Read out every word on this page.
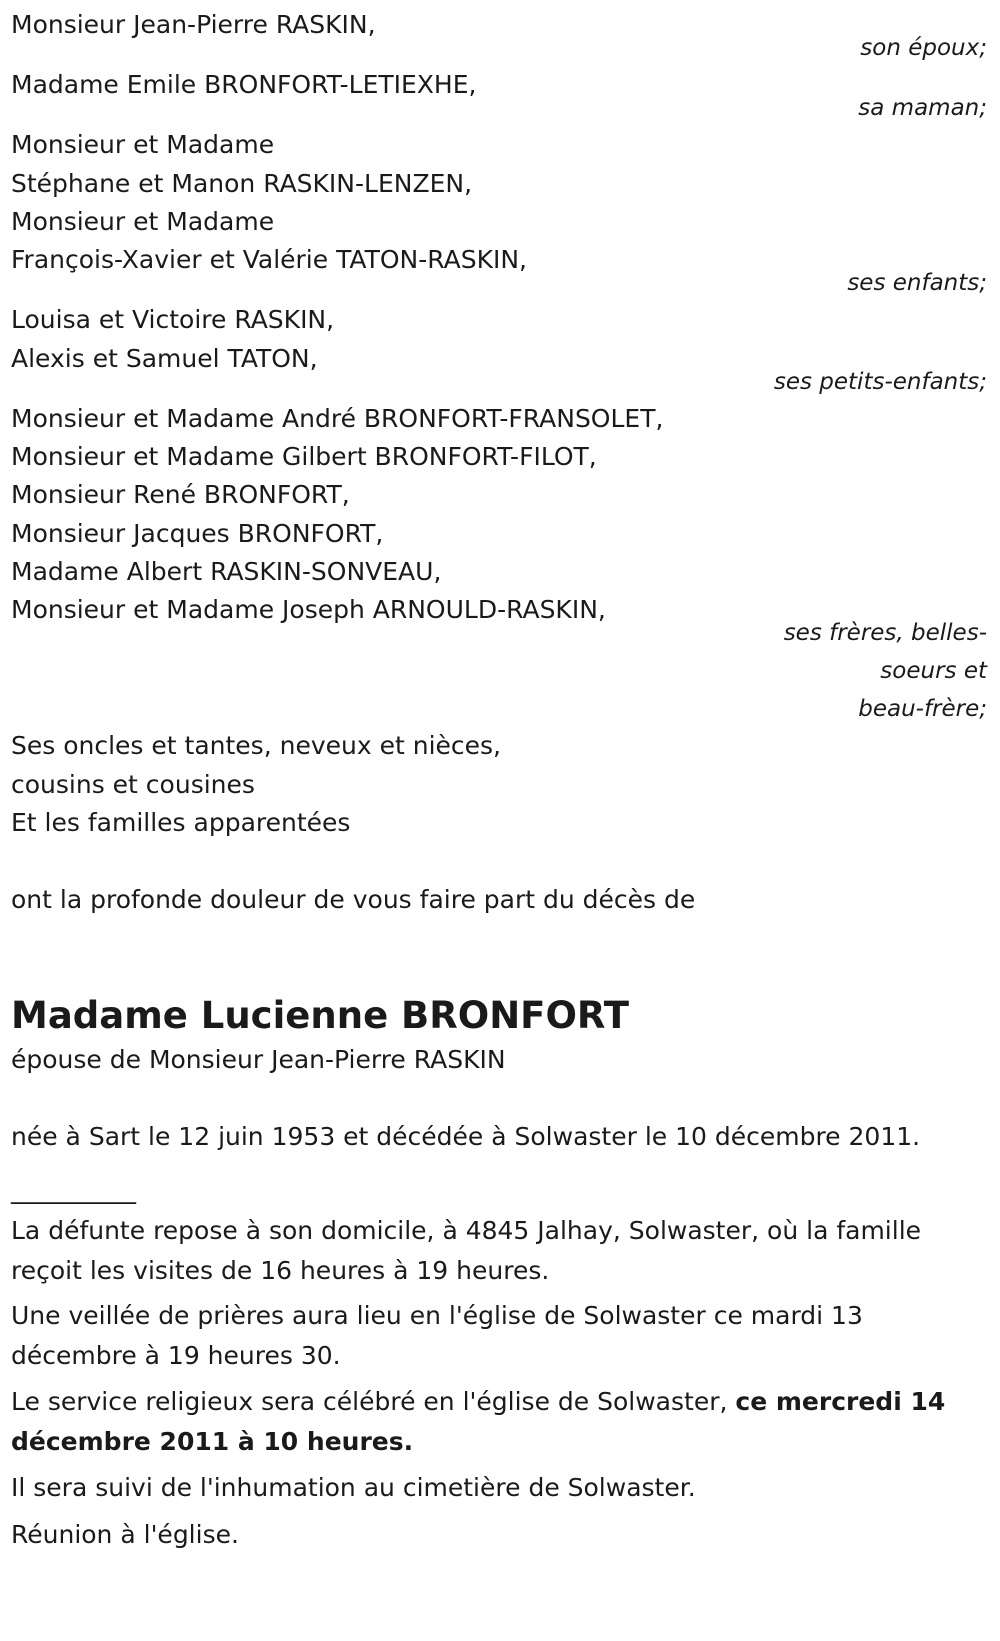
Monsieur Jean-Pierre RASKIN,
son époux;
Madame Emile BRONFORT-LETIEXHE,
sa maman;
Monsieur et Madame
Stéphane et Manon RASKIN-LENZEN,
Monsieur et Madame
François-Xavier et Valérie TATON-RASKIN,
ses enfants;
Louisa et Victoire RASKIN,
Alexis et Samuel TATON,
ses petits-enfants;
Monsieur et Madame André BRONFORT-FRANSOLET,
Monsieur et Madame Gilbert BRONFORT-FILOT,
Monsieur René BRONFORT,
Monsieur Jacques BRONFORT,
Madame Albert RASKIN-SONVEAU,
Monsieur et Madame Joseph ARNOULD-RASKIN,
ses frères, belles-
soeurs et
beau-frère;
Ses oncles et tantes, neveux et nièces,
cousins et cousines
Et les familles apparentées
ont la profonde douleur de vous faire part du décès de
Madame Lucienne BRONFORT
épouse de Monsieur Jean-Pierre RASKIN
née à Sart le 12 juin 1953 et décédée à Solwaster le 10 décembre 2011.
__________
La défunte repose à son domicile, à 4845 Jalhay, Solwaster, où la famille reçoit les visites de 16 heures à 19 heures.
Une veillée de prières aura lieu en l'église de Solwaster ce mardi 13 décembre à 19 heures 30.
Le service religieux sera célébré en l'église de Solwaster, ce mercredi 14 décembre 2011 à 10 heures.
Il sera suivi de l'inhumation au cimetière de Solwaster.
Réunion à l'église.
